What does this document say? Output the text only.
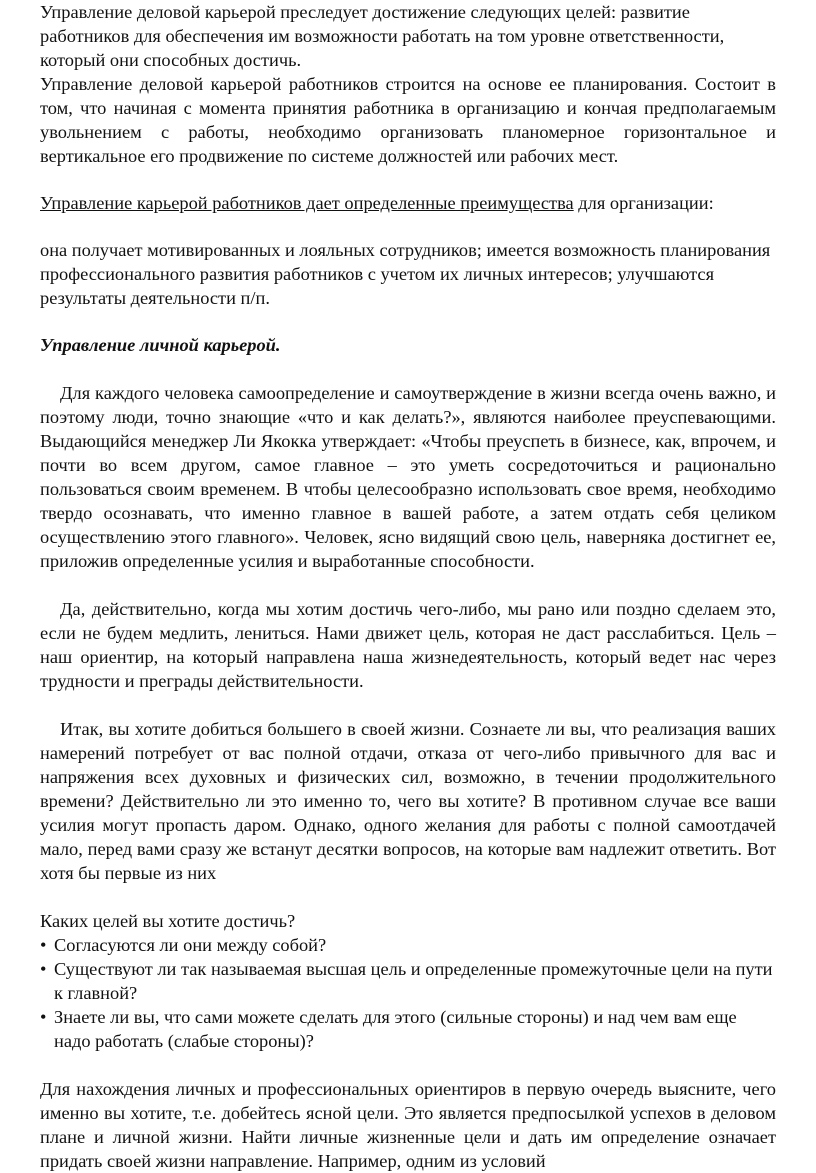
Управление деловой карьерой преследует достижение следующих целей: развитие работников для обеспечения им возможности работать на том уровне ответственности, который они способных достичь.

Управление деловой карьерой работников строится на основе ее планирования. Состоит в том, что начиная с момента принятия работника в организацию и кончая предполагаемым увольнением с работы, необходимо организовать планомерное горизонтальное и вертикальное его продвижение по системе должностей или рабочих мест.

Управление карьерой работников дает определенные преимущества для организации:

она получает мотивированных и лояльных сотрудников; имеется возможность планирования профессионального развития работников с учетом их личных интересов; улучшаются результаты деятельности п/п.

Управление личной карьерой.

Для каждого человека самоопределение и самоутверждение в жизни всегда очень важно, и поэтому люди, точно знающие «что и как делать?», являются наиболее преуспевающими. Выдающийся менеджер Ли Якокка утверждает: «Чтобы преуспеть в бизнесе, как, впрочем, и почти во всем другом, самое главное – это уметь сосредоточиться и рационально пользоваться своим временем. В чтобы целесообразно использовать свое время, необходимо твердо осознавать, что именно главное в вашей работе, а затем отдать себя целиком осуществлению этого главного». Человек, ясно видящий свою цель, наверняка достигнет ее, приложив определенные усилия и выработанные способности.

Да, действительно, когда мы хотим достичь чего-либо, мы рано или поздно сделаем это, если не будем медлить, лениться. Нами движет цель, которая не даст расслабиться. Цель – наш ориентир, на который направлена наша жизнедеятельность, который ведет нас через трудности и преграды действительности.

Итак, вы хотите добиться большего в своей жизни. Сознаете ли вы, что реализация ваших намерений потребует от вас полной отдачи, отказа от чего-либо привычного для вас и напряжения всех духовных и физических сил, возможно, в течении продолжительного времени? Действительно ли это именно то, чего вы хотите? В противном случае все ваши усилия могут пропасть даром. Однако, одного желания для работы с полной самоотдачей мало, перед вами сразу же встанут десятки вопросов, на которые вам надлежит ответить. Вот хотя бы первые из них

Каких целей вы хотите достичь?

• Согласуются ли они между собой?
• Существуют ли так называемая высшая цель и определенные промежуточные цели на пути к главной?
• Знаете ли вы, что сами можете сделать для этого (сильные стороны) и над чем вам еще надо работать (слабые стороны)?

Для нахождения личных и профессиональных ориентиров в первую очередь выясните, чего именно вы хотите, т.е. добейтесь ясной цели. Это является предпосылкой успехов в деловом плане и личной жизни. Найти личные жизненные цели и дать им определение означает придать своей жизни направление. Например, одним из условий
